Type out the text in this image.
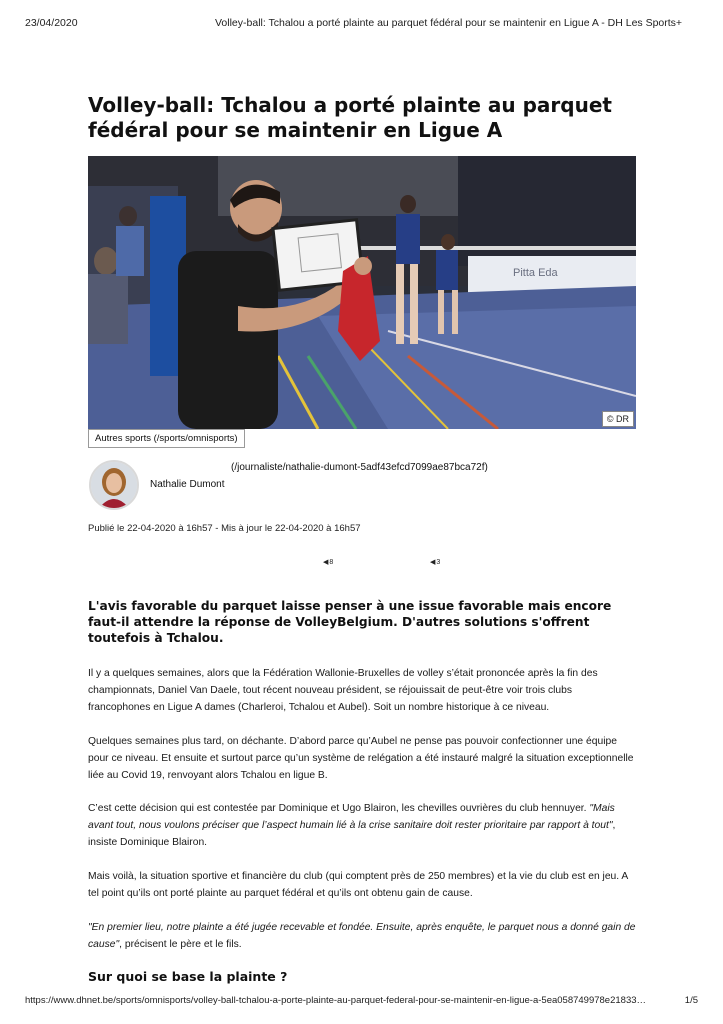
23/04/2020	Volley-ball: Tchalou a porté plainte au parquet fédéral pour se maintenir en Ligue A - DH Les Sports+
Volley-ball: Tchalou a porté plainte au parquet fédéral pour se maintenir en Ligue A
Pitta Eda
© DR
Autres sports (/sports/omnisports)
(/journaliste/nathalie-dumont-5adf43efcd7099ae87bca72f)
Nathalie Dumont
Publié le 22-04-2020 à 16h57 - Mis à jour le 22-04-2020 à 16h57
◀ 8	◀ 3

L'avis favorable du parquet laisse penser à une issue favorable mais encore faut-il attendre la réponse de VolleyBelgium. D'autres solutions s'offrent toutefois à Tchalou.

Il y a quelques semaines, alors que la Fédération Wallonie-Bruxelles de volley s’était prononcée après la fin des championnats, Daniel Van Daele, tout récent nouveau président, se réjouissait de peut-être voir trois clubs francophones en Ligue A dames (Charleroi, Tchalou et Aubel). Soit un nombre historique à ce niveau.

Quelques semaines plus tard, on déchante. D’abord parce qu’Aubel ne pense pas pouvoir confectionner une équipe pour ce niveau. Et ensuite et surtout parce qu’un système de relégation a été instauré malgré la situation exceptionnelle liée au Covid 19, renvoyant alors Tchalou en ligue B.

C’est cette décision qui est contestée par Dominique et Ugo Blairon, les chevilles ouvrières du club hennuyer. "Mais avant tout, nous voulons préciser que l’aspect humain lié à la crise sanitaire doit rester prioritaire par rapport à tout", insiste Dominique Blairon.

Mais voilà, la situation sportive et financière du club (qui comptent près de 250 membres) et la vie du club est en jeu. A tel point qu’ils ont porté plainte au parquet fédéral et qu’ils ont obtenu gain de cause.

"En premier lieu, notre plainte a été jugée recevable et fondée. Ensuite, après enquête, le parquet nous a donné gain de cause", précisent le père et le fils.

Sur quoi se base la plainte ?
https://www.dhnet.be/sports/omnisports/volley-ball-tchalou-a-porte-plainte-au-parquet-federal-pour-se-maintenir-en-ligue-a-5ea058749978e21833…	1/5
